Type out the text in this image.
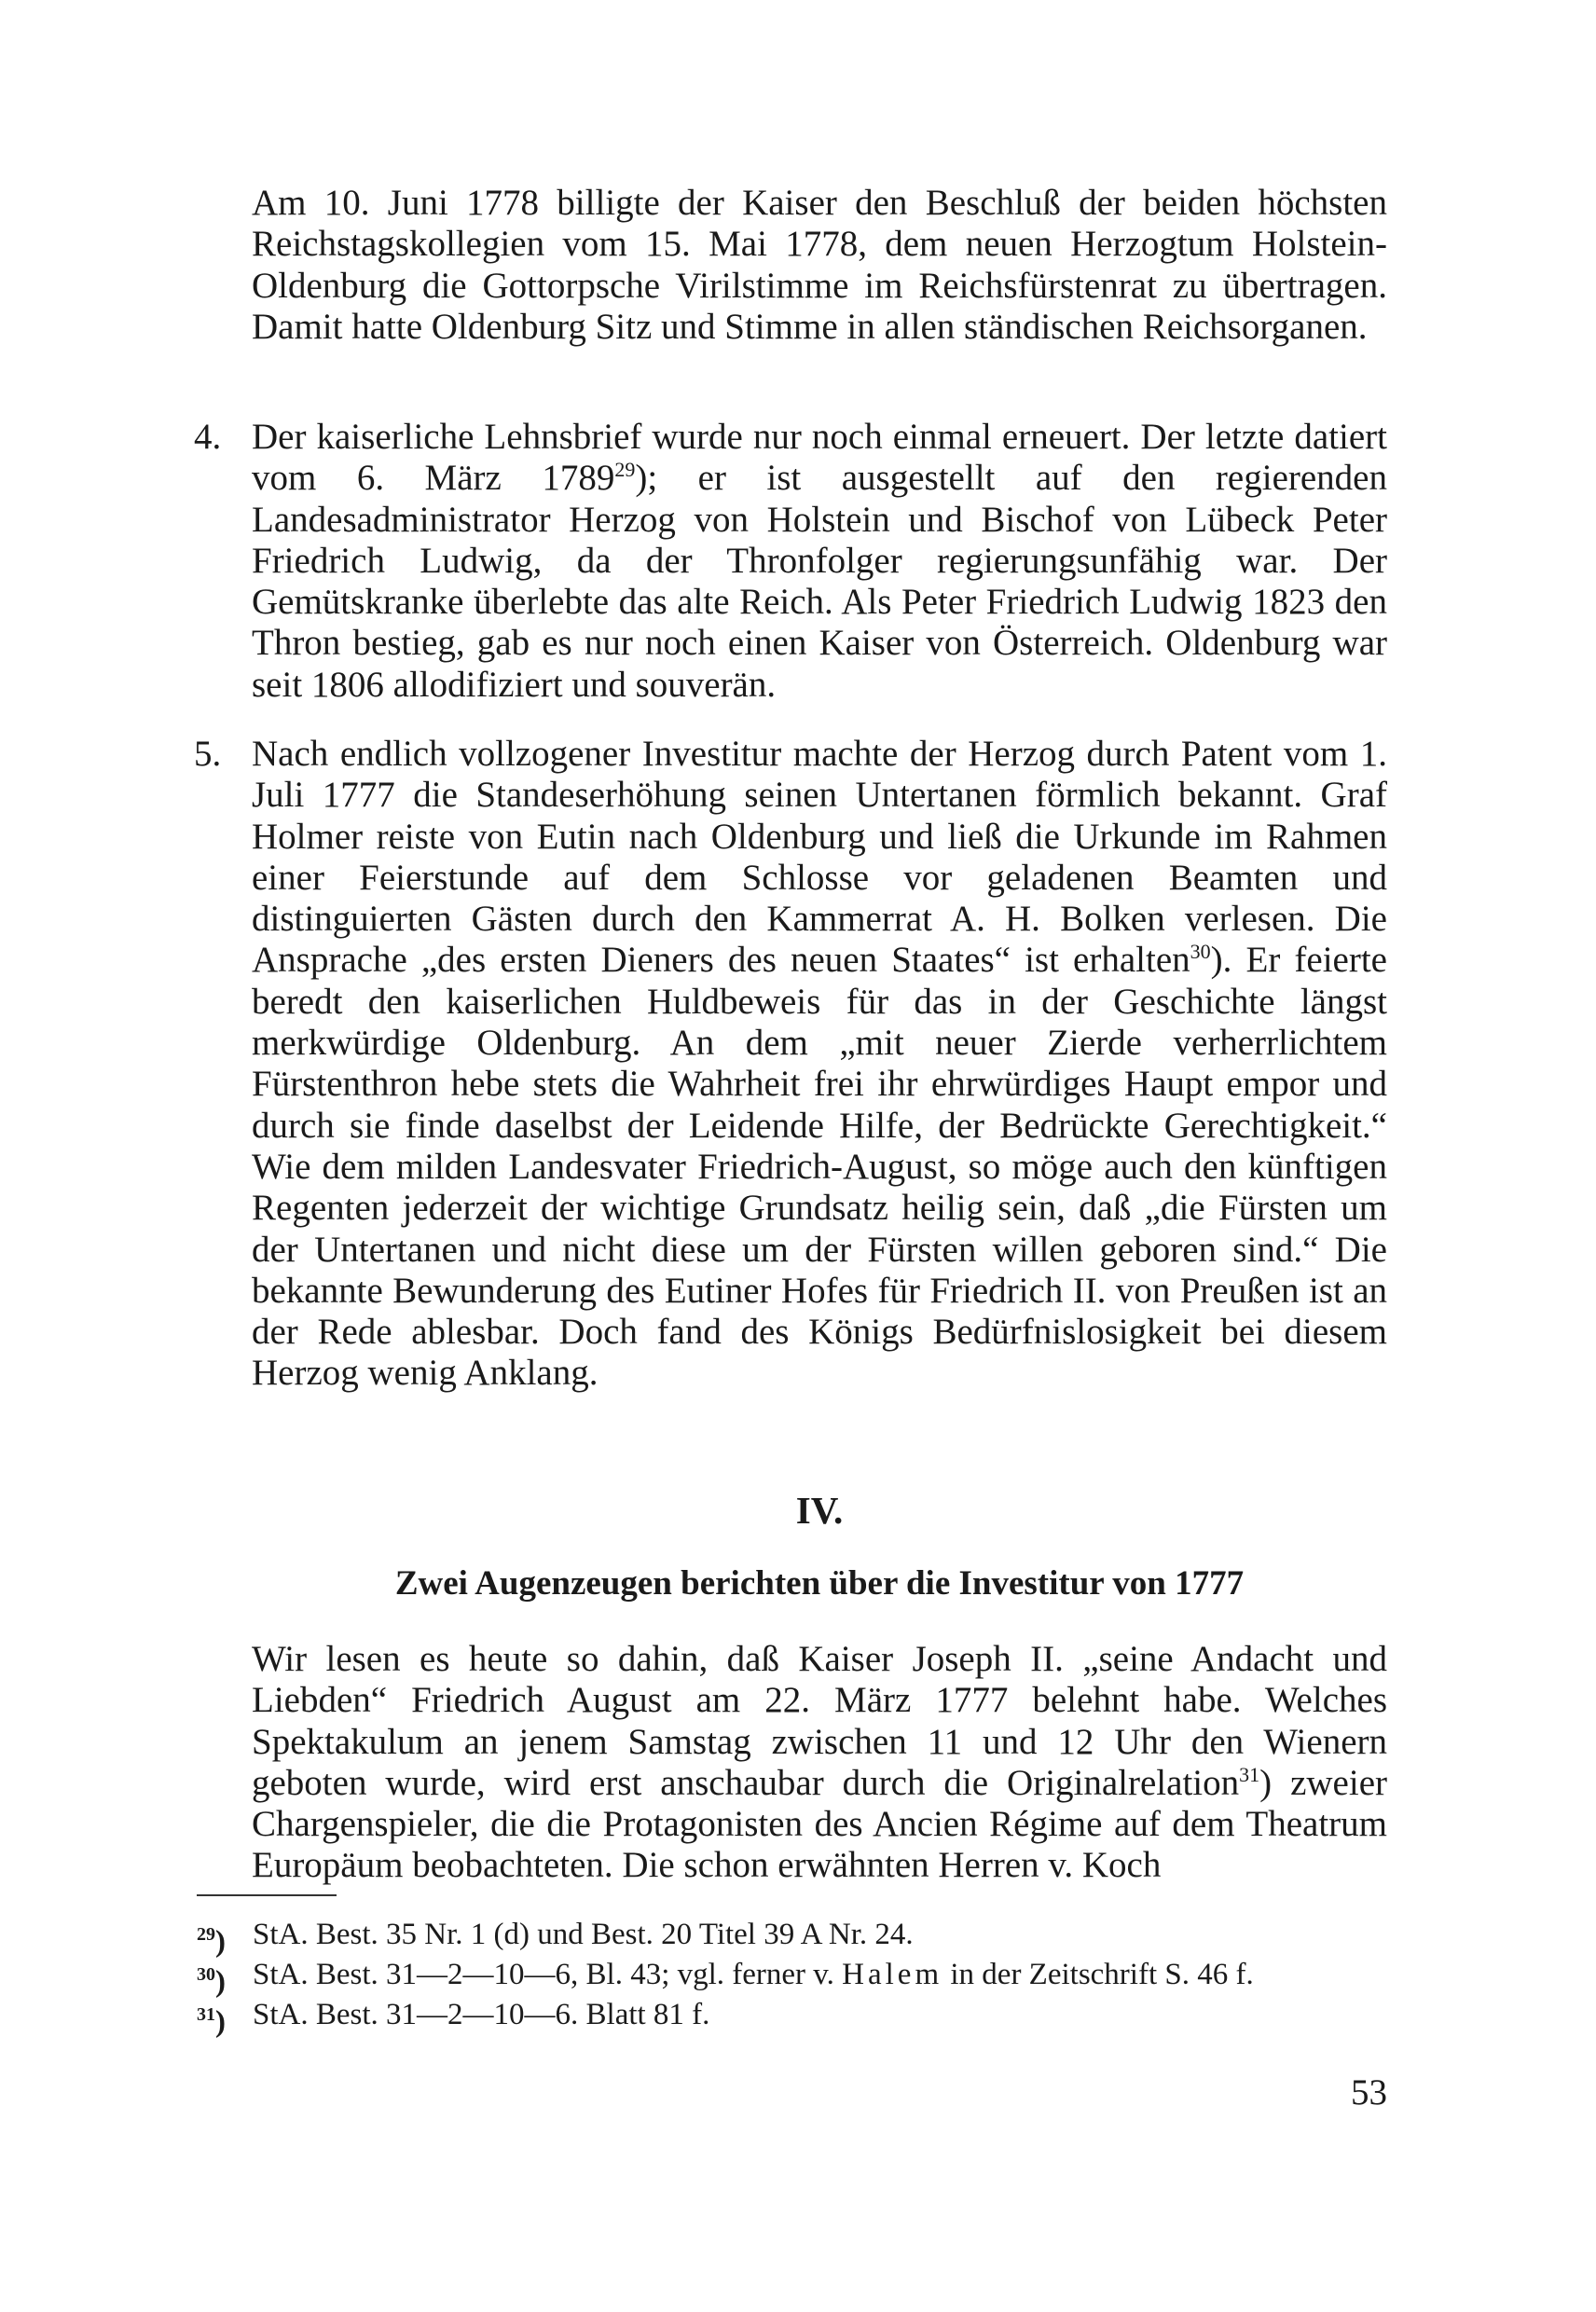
Am 10. Juni 1778 billigte der Kaiser den Beschluß der beiden höchsten Reichstagskollegien vom 15. Mai 1778, dem neuen Herzogtum Holstein-Oldenburg die Gottorpsche Virilstimme im Reichsfürstenrat zu übertragen. Damit hatte Oldenburg Sitz und Stimme in allen ständischen Reichsorganen.
4. Der kaiserliche Lehnsbrief wurde nur noch einmal erneuert. Der letzte datiert vom 6. März 1789$^{29}$); er ist ausgestellt auf den regierenden Landesadministrator Herzog von Holstein und Bischof von Lübeck Peter Friedrich Ludwig, da der Thronfolger regierungsunfähig war. Der Gemütskranke überlebte das alte Reich. Als Peter Friedrich Ludwig 1823 den Thron bestieg, gab es nur noch einen Kaiser von Österreich. Oldenburg war seit 1806 allodifiziert und souverän.
5. Nach endlich vollzogener Investitur machte der Herzog durch Patent vom 1. Juli 1777 die Standeserhöhung seinen Untertanen förmlich bekannt. Graf Holmer reiste von Eutin nach Oldenburg und ließ die Urkunde im Rahmen einer Feierstunde auf dem Schlosse vor geladenen Beamten und distinguierten Gästen durch den Kammerrat A. H. Bolken verlesen. Die Ansprache „des ersten Dieners des neuen Staates“ ist erhalten$^{30}$). Er feierte beredt den kaiserlichen Huldbeweis für das in der Geschichte längst merkwürdige Oldenburg. An dem „mit neuer Zierde verherrlichtem Fürstenthron hebe stets die Wahrheit frei ihr ehrwürdiges Haupt empor und durch sie finde daselbst der Leidende Hilfe, der Bedrückte Gerechtigkeit.“ Wie dem milden Landesvater Friedrich-August, so möge auch den künftigen Regenten jederzeit der wichtige Grundsatz heilig sein, daß „die Fürsten um der Untertanen und nicht diese um der Fürsten willen geboren sind.“ Die bekannte Bewunderung des Eutiner Hofes für Friedrich II. von Preußen ist an der Rede ablesbar. Doch fand des Königs Bedürfnislosigkeit bei diesem Herzog wenig Anklang.
IV.
Zwei Augenzeugen berichten über die Investitur von 1777
Wir lesen es heute so dahin, daß Kaiser Joseph II. „seine Andacht und Liebden“ Friedrich August am 22. März 1777 belehnt habe. Welches Spektakulum an jenem Samstag zwischen 11 und 12 Uhr den Wienern geboten wurde, wird erst anschaubar durch die Originalrelation$^{31}$) zweier Chargenspieler, die die Protagonisten des Ancien Régime auf dem Theatrum Europäum beobachteten. Die schon erwähnten Herren v. Koch
$^{29}$) StA. Best. 35 Nr. 1 (d) und Best. 20 Titel 39 A Nr. 24.
$^{30}$) StA. Best. 31—2—10—6, Bl. 43; vgl. ferner v. Halem in der Zeitschrift S. 46 f.
$^{31}$) StA. Best. 31—2—10—6. Blatt 81 f.
53
